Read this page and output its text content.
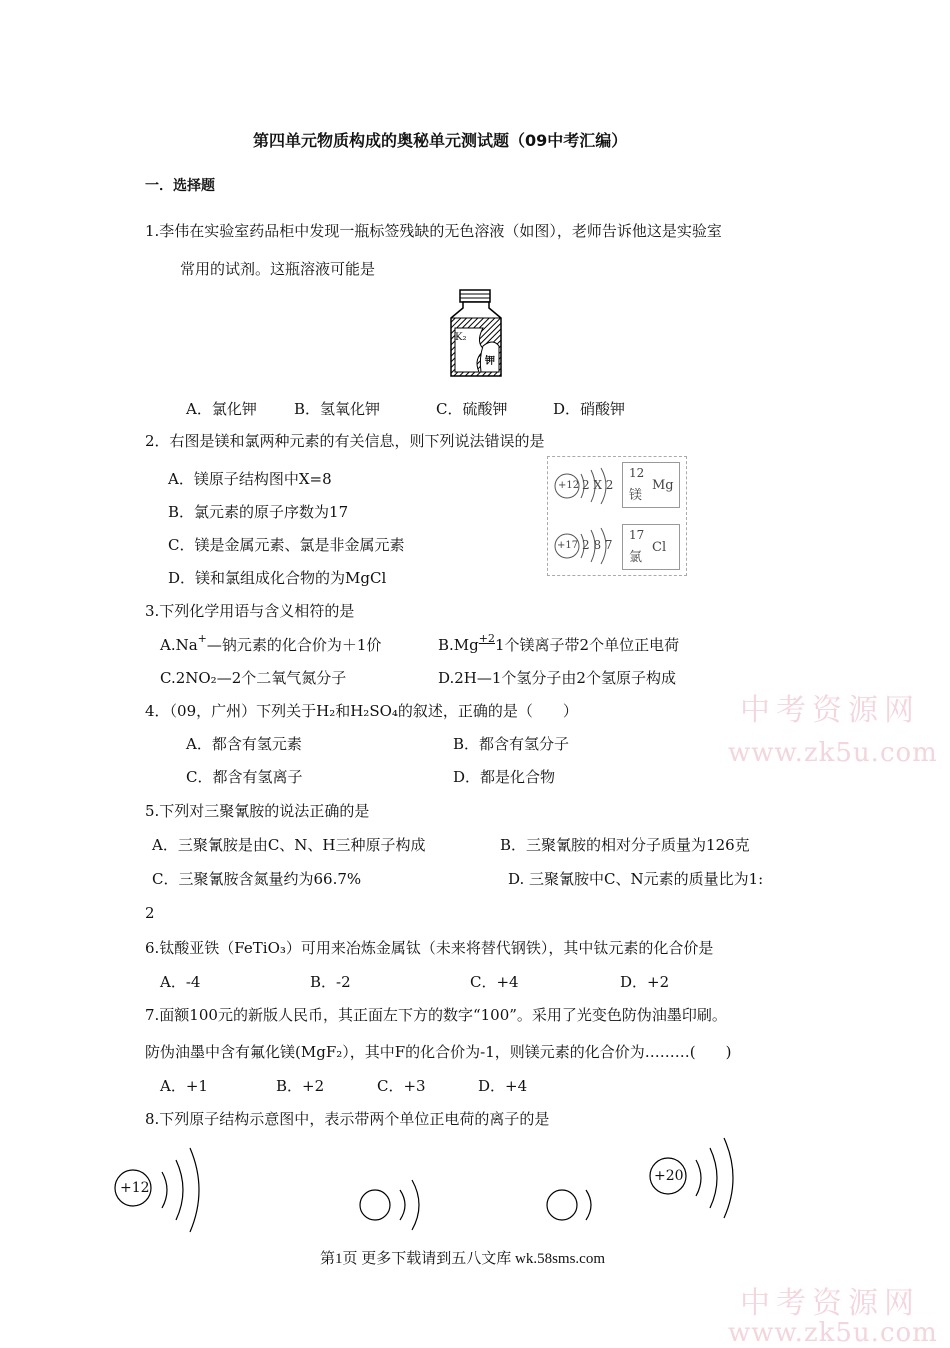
中考资源网
www.zk5u.com
中考资源网
www.zk5u.com
第四单元物质构成的奥秘单元测试题（09中考汇编）
一．选择题
1.李伟在实验室药品柜中发现一瓶标签残缺的无色溶液（如图），老师告诉他这是实验室
常用的试剂。这瓶溶液可能是
K₂
钾
A．氯化钾 B．氢氧化钾	C．硫酸钾	D．硝酸钾
2．右图是镁和氯两种元素的有关信息，则下列说法错误的是
A．镁原子结构图中X=8
B．氯元素的原子序数为17
C．镁是金属元素、氯是非金属元素
D．镁和氯组成化合物的为MgCl
+12 2 X 2
12
镁
Mg
+17 2 8 7
17
氯
Cl
3.下列化学用语与含义相符的是
A.Na+—钠元素的化合价为＋1价	$B.Mg^{+2}1$个镁离子带2个单位正电荷
C.2NO₂—2个二氧气氮分子	D.2H—1个氢分子由2个氢原子构成
4．（09，广州）下列关于H₂和H₂SO₄的叙述，正确的是（　　）
A．都含有氢元素	B．都含有氢分子
C．都含有氢离子	D．都是化合物
5.下列对三聚氰胺的说法正确的是
A．三聚氰胺是由C、N、H三种原子构成	B．三聚氰胺的相对分子质量为126克
C．三聚氰胺含氮量约为66.7%	D. 三聚氰胺中C、N元素的质量比为1:
2
6.钛酸亚铁（FeTiO₃）可用来冶炼金属钛（未来将替代钢铁），其中钛元素的化合价是
A．-4	B．-2	C．+4	D．+2
7.面额100元的新版人民币，其正面左下方的数字“100”。采用了光变色防伪油墨印刷。
防伪油墨中含有氟化镁(MgF₂），其中F的化合价为-1，则镁元素的化合价为………(　　)
A．+1	B．+2	C．+3	D．+4
8.下列原子结构示意图中，表示带两个单位正电荷的离子的是
+12
+20
第1页 更多下载请到五八文库 wk.58sms.com
